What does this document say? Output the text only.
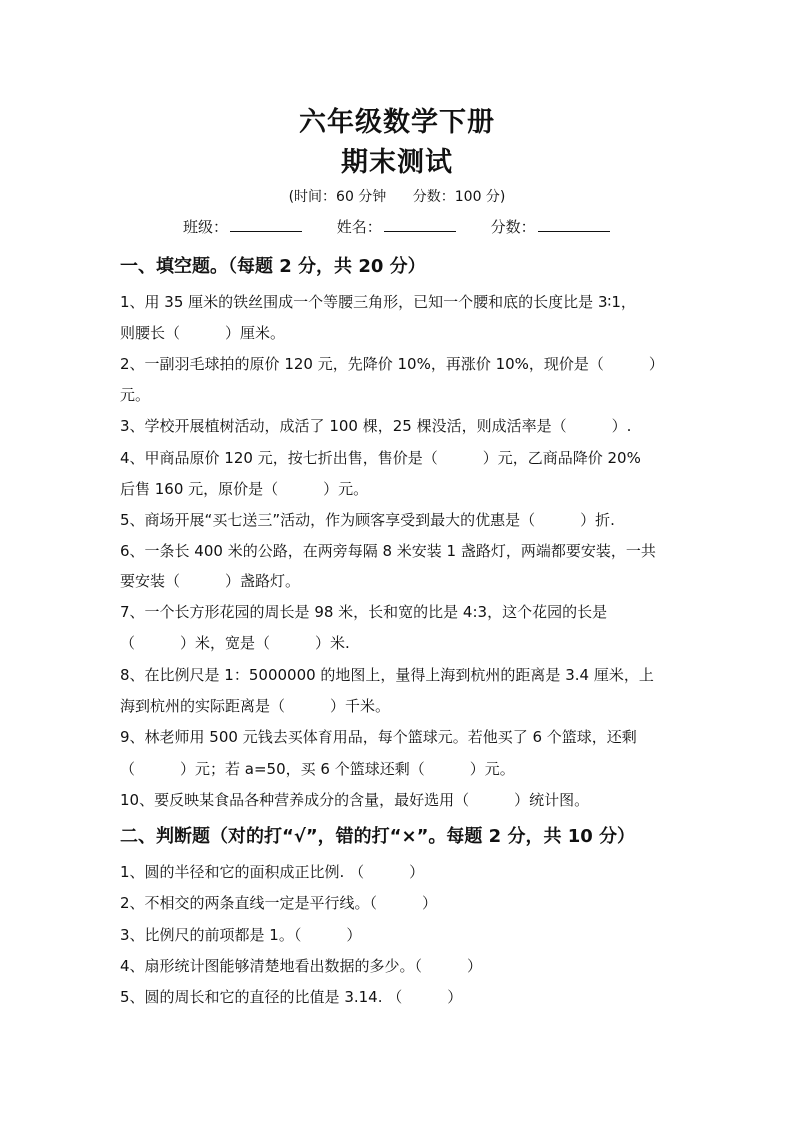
六年级数学下册
期末测试
(时间：60 分钟 分数：100 分)
班级：	姓名：	分数：
一、填空题。（每题 2 分，共 20 分）
1、用 35 厘米的铁丝围成一个等腰三角形，已知一个腰和底的长度比是 3∶1，
则腰长（　　　）厘米。
2、一副羽毛球拍的原价 120 元，先降价 10%，再涨价 10%，现价是（　　　）
元。
3、学校开展植树活动，成活了 100 棵，25 棵没活，则成活率是（　　　）.
4、甲商品原价 120 元，按七折出售，售价是（　　　）元，乙商品降价 20%
后售 160 元，原价是（　　　）元。
5、商场开展“买七送三”活动，作为顾客享受到最大的优惠是（　　　）折.
6、一条长 400 米的公路，在两旁每隔 8 米安装 1 盏路灯，两端都要安装，一共
要安装（　　　）盏路灯。
7、一个长方形花园的周长是 98 米，长和宽的比是 4:3，这个花园的长是
（　　　）米，宽是（　　　）米.
8、在比例尺是 1：5000000 的地图上，量得上海到杭州的距离是 3.4 厘米，上
海到杭州的实际距离是（　　　）千米。
9、林老师用 500 元钱去买体育用品，每个篮球元。若他买了 6 个篮球，还剩
（　　　）元；若 a=50，买 6 个篮球还剩（　　　）元。
10、要反映某食品各种营养成分的含量，最好选用（　　　）统计图。
二、判断题（对的打“√”，错的打“×”。每题 2 分，共 10 分）
1、圆的半径和它的面积成正比例. （　　　）
2、不相交的两条直线一定是平行线。（　　　）
3、比例尺的前项都是 1。（　　　）
4、扇形统计图能够清楚地看出数据的多少。（　　　）
5、圆的周长和它的直径的比值是 3.14. （　　　）
